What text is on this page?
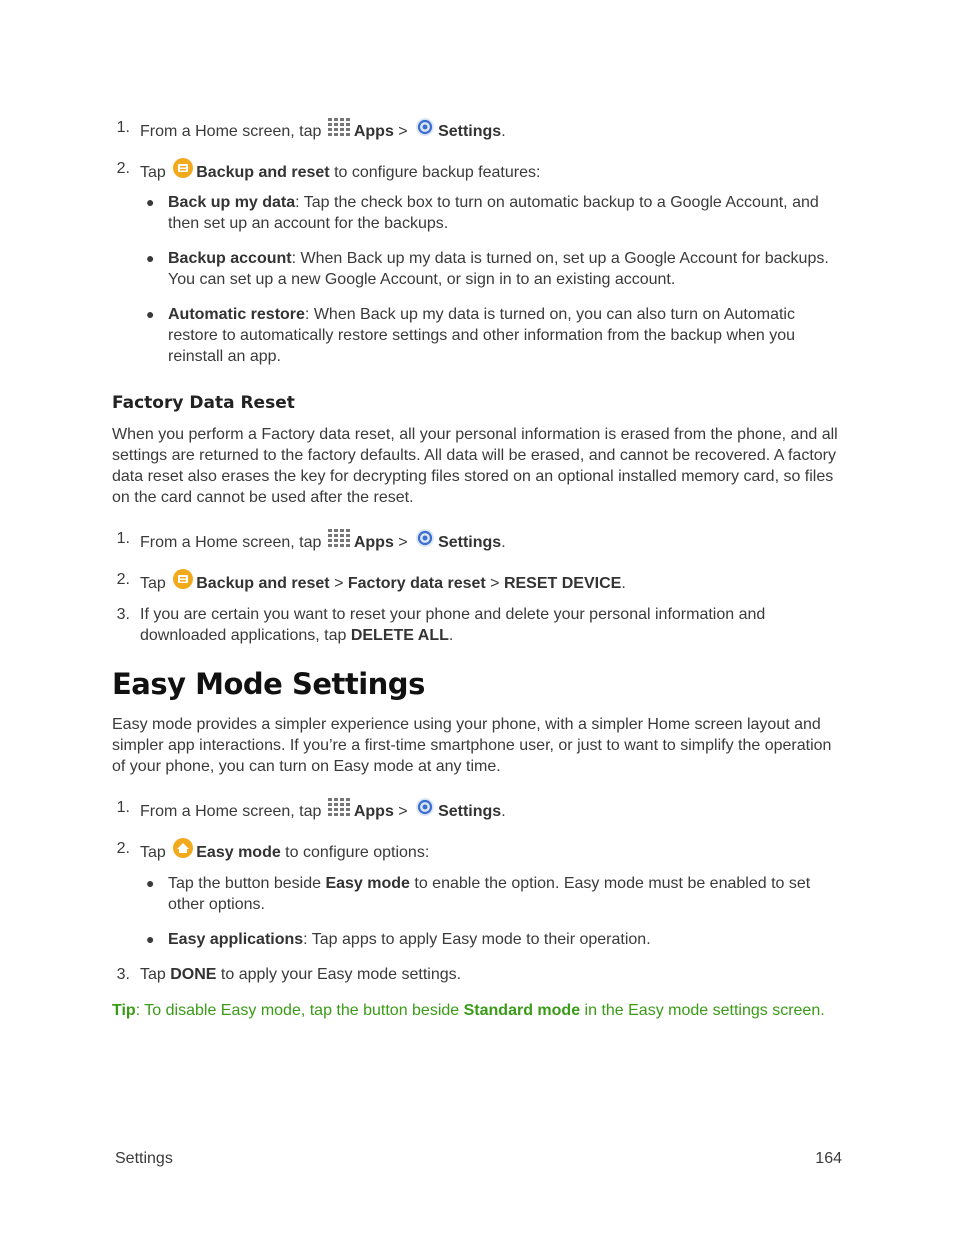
1. From a Home screen, tap Apps > Settings.
2. Tap Backup and reset to configure backup features:
● Back up my data: Tap the check box to turn on automatic backup to a Google Account, and then set up an account for the backups.
● Backup account: When Back up my data is turned on, set up a Google Account for backups. You can set up a new Google Account, or sign in to an existing account.
● Automatic restore: When Back up my data is turned on, you can also turn on Automatic restore to automatically restore settings and other information from the backup when you reinstall an app.
Factory Data Reset
When you perform a Factory data reset, all your personal information is erased from the phone, and all settings are returned to the factory defaults. All data will be erased, and cannot be recovered. A factory data reset also erases the key for decrypting files stored on an optional installed memory card, so files on the card cannot be used after the reset.
1. From a Home screen, tap Apps > Settings.
2. Tap Backup and reset > Factory data reset > RESET DEVICE.
3. If you are certain you want to reset your phone and delete your personal information and downloaded applications, tap DELETE ALL.
Easy Mode Settings
Easy mode provides a simpler experience using your phone, with a simpler Home screen layout and simpler app interactions. If you’re a first-time smartphone user, or just to want to simplify the operation of your phone, you can turn on Easy mode at any time.
1. From a Home screen, tap Apps > Settings.
2. Tap Easy mode to configure options:
● Tap the button beside Easy mode to enable the option. Easy mode must be enabled to set other options.
● Easy applications: Tap apps to apply Easy mode to their operation.
3. Tap DONE to apply your Easy mode settings.
Tip: To disable Easy mode, tap the button beside Standard mode in the Easy mode settings screen.
Settings	164
